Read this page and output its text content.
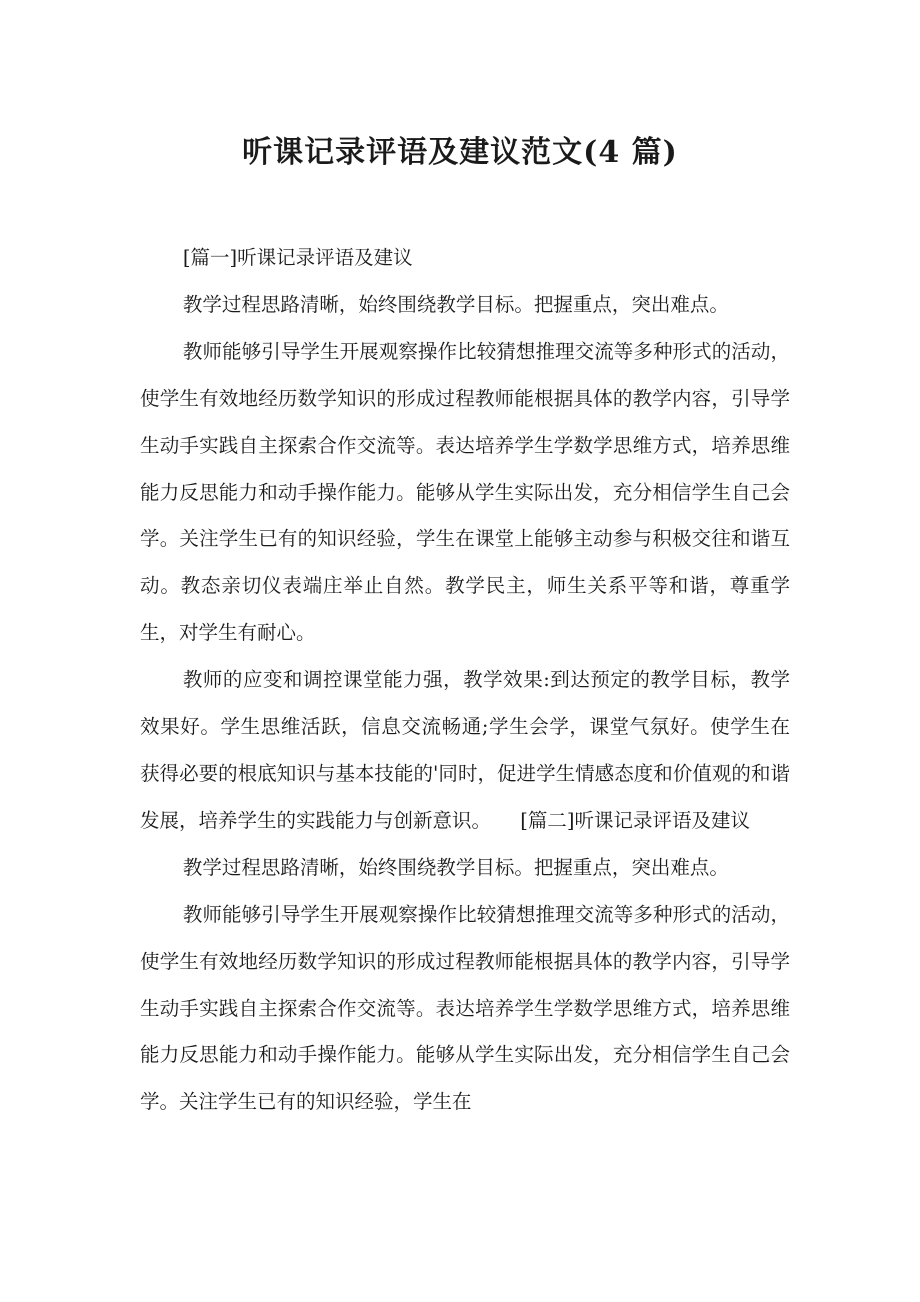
听课记录评语及建议范文(4 篇)

[篇一]听课记录评语及建议

教学过程思路清晰，始终围绕教学目标。把握重点，突出难点。

教师能够引导学生开展观察操作比较猜想推理交流等多种形式的活动，使学生有效地经历数学知识的形成过程教师能根据具体的教学内容，引导学生动手实践自主探索合作交流等。表达培养学生学数学思维方式，培养思维能力反思能力和动手操作能力。能够从学生实际出发，充分相信学生自己会学。关注学生已有的知识经验，学生在课堂上能够主动参与积极交往和谐互动。教态亲切仪表端庄举止自然。教学民主，师生关系平等和谐，尊重学生，对学生有耐心。

教师的应变和调控课堂能力强，教学效果:到达预定的教学目标，教学效果好。学生思维活跃，信息交流畅通;学生会学，课堂气氛好。使学生在获得必要的根底知识与基本技能的'同时，促进学生情感态度和价值观的和谐发展，培养学生的实践能力与创新意识。　　[篇二]听课记录评语及建议

教学过程思路清晰，始终围绕教学目标。把握重点，突出难点。

教师能够引导学生开展观察操作比较猜想推理交流等多种形式的活动，使学生有效地经历数学知识的形成过程教师能根据具体的教学内容，引导学生动手实践自主探索合作交流等。表达培养学生学数学思维方式，培养思维能力反思能力和动手操作能力。能够从学生实际出发，充分相信学生自己会学。关注学生已有的知识经验，学生在
